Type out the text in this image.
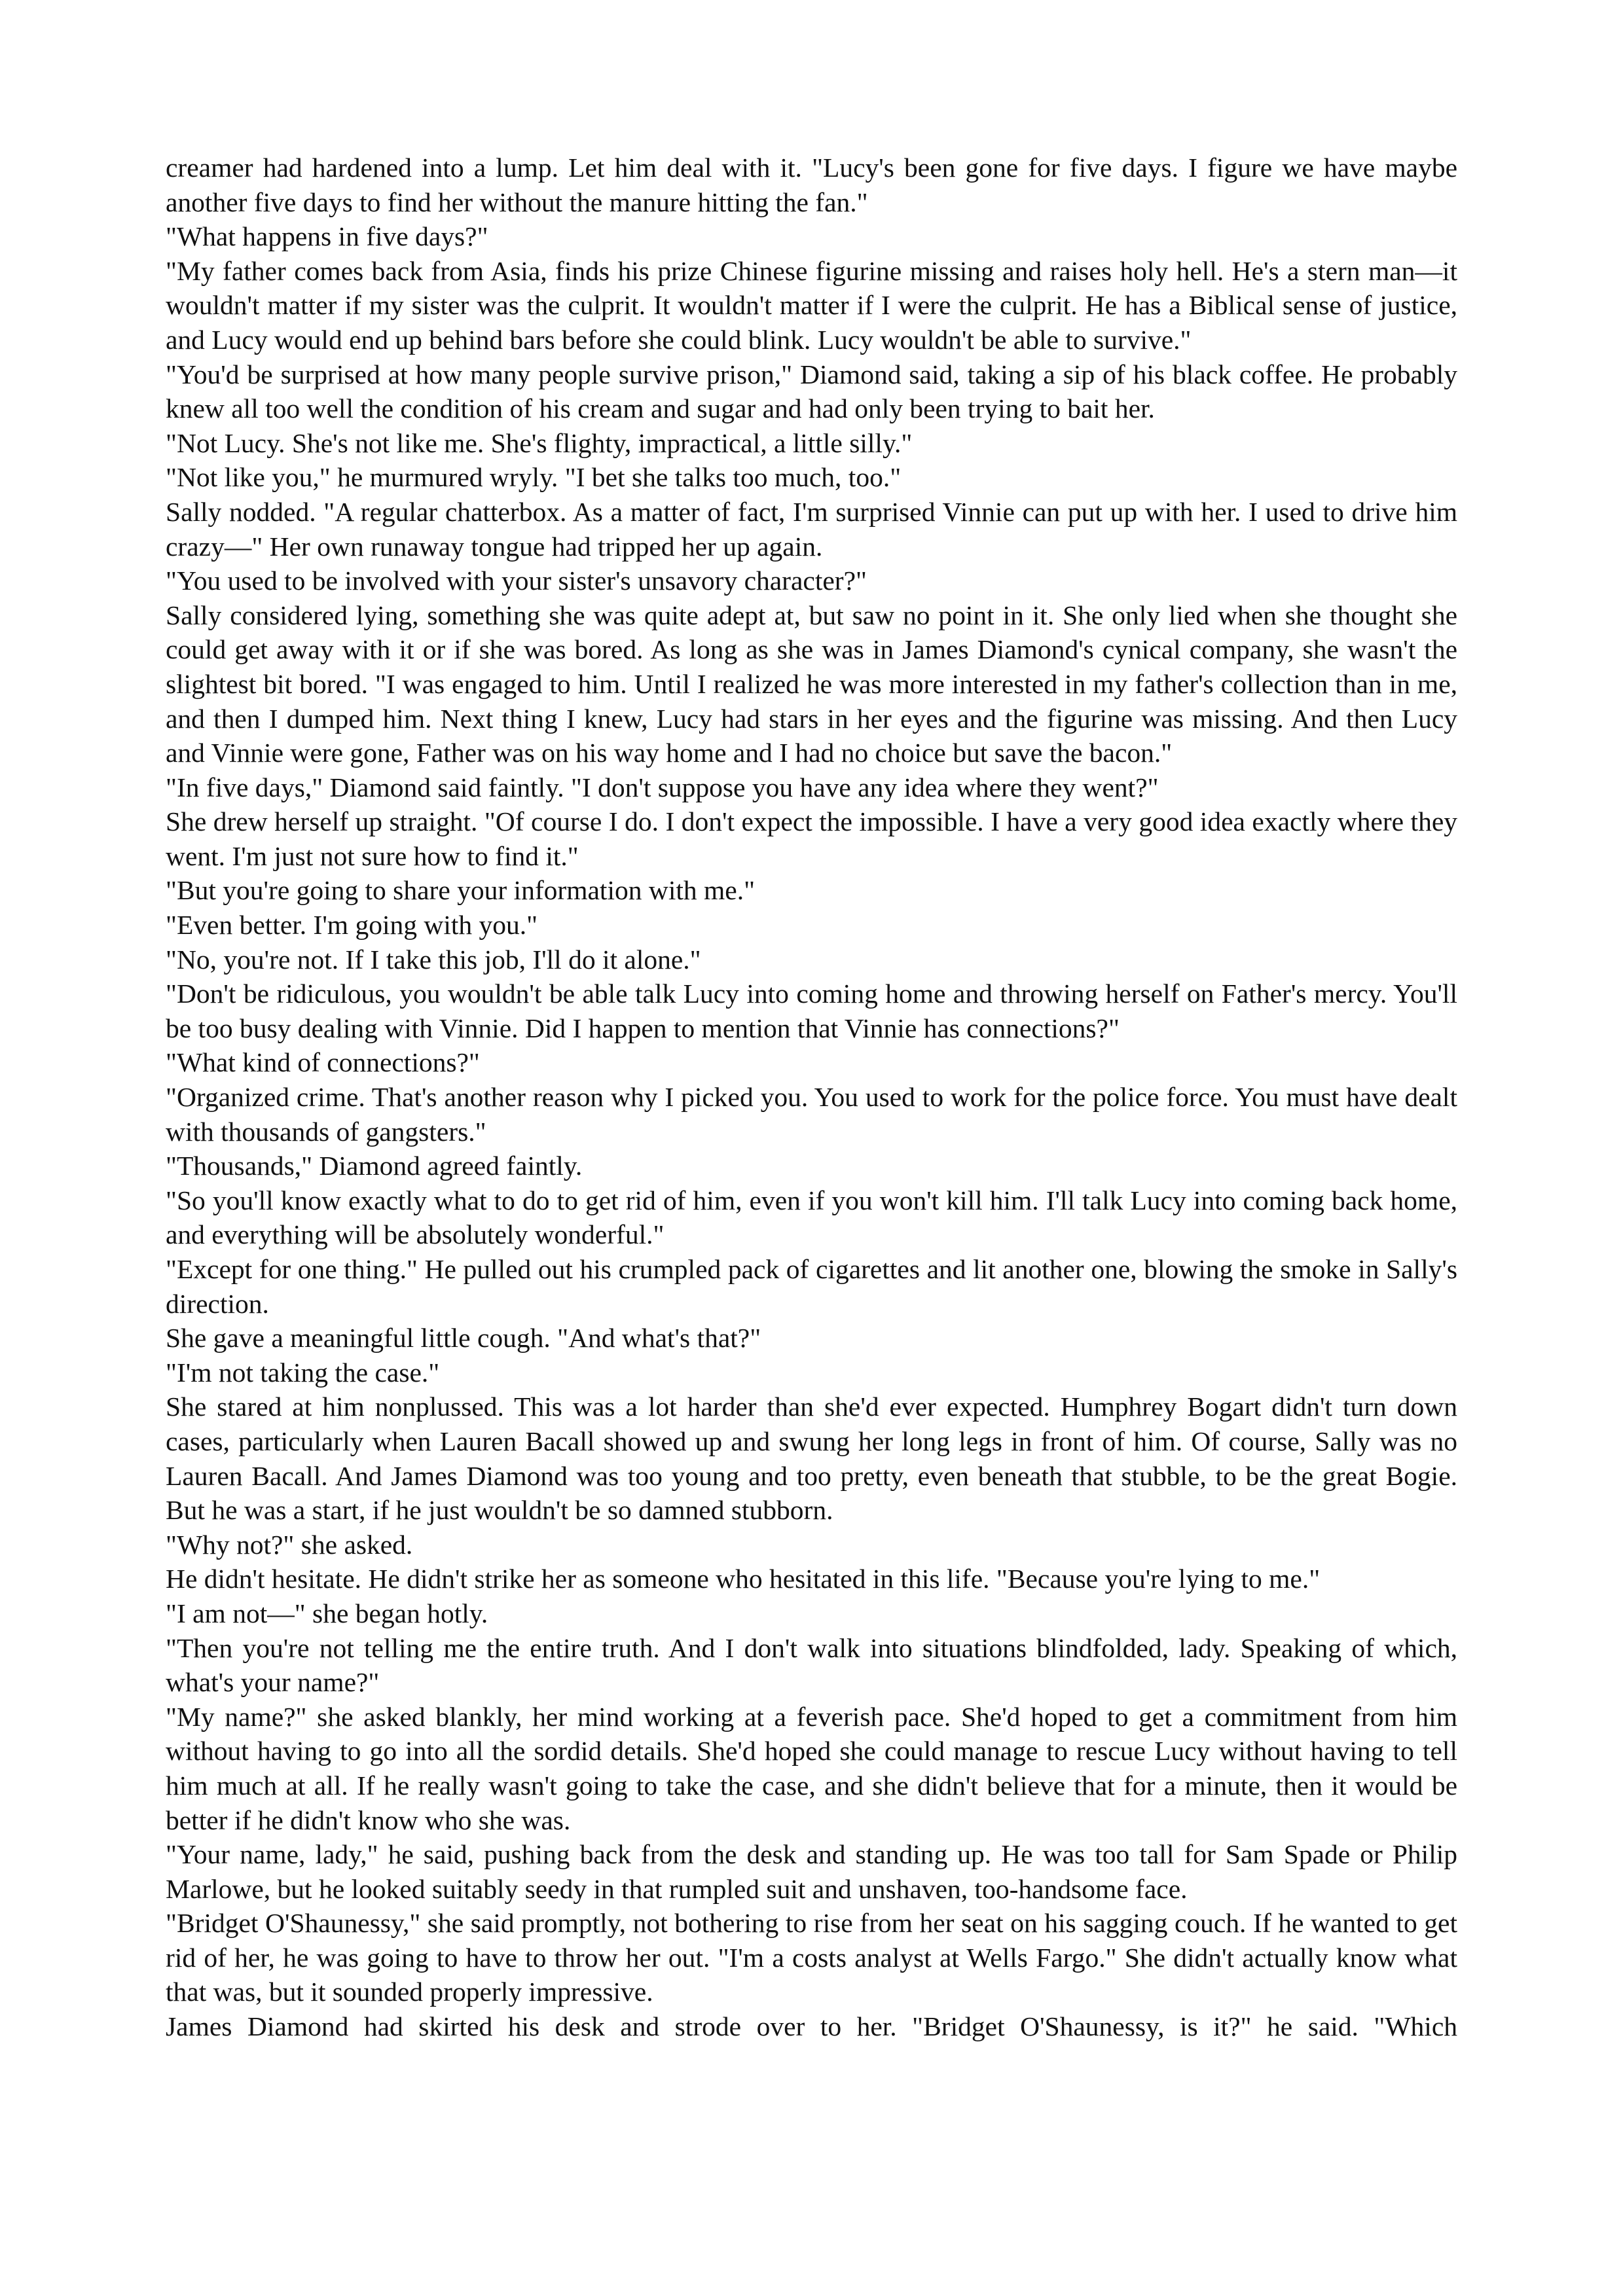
creamer had hardened into a lump. Let him deal with it. "Lucy's been gone for five days. I figure we have maybe another five days to find her without the manure hitting the fan."

"What happens in five days?"

"My father comes back from Asia, finds his prize Chinese figurine missing and raises holy hell. He's a stern man—it wouldn't matter if my sister was the culprit. It wouldn't matter if I were the culprit. He has a Biblical sense of justice, and Lucy would end up behind bars before she could blink. Lucy wouldn't be able to survive."

"You'd be surprised at how many people survive prison," Diamond said, taking a sip of his black coffee. He probably knew all too well the condition of his cream and sugar and had only been trying to bait her.

"Not Lucy. She's not like me. She's flighty, impractical, a little silly."

"Not like you," he murmured wryly. "I bet she talks too much, too."

Sally nodded. "A regular chatterbox. As a matter of fact, I'm surprised Vinnie can put up with her. I used to drive him crazy—" Her own runaway tongue had tripped her up again.

"You used to be involved with your sister's unsavory character?"

Sally considered lying, something she was quite adept at, but saw no point in it. She only lied when she thought she could get away with it or if she was bored. As long as she was in James Diamond's cynical company, she wasn't the slightest bit bored. "I was engaged to him. Until I realized he was more interested in my father's collection than in me, and then I dumped him. Next thing I knew, Lucy had stars in her eyes and the figurine was missing. And then Lucy and Vinnie were gone, Father was on his way home and I had no choice but save the bacon."

"In five days," Diamond said faintly. "I don't suppose you have any idea where they went?"

She drew herself up straight. "Of course I do. I don't expect the impossible. I have a very good idea exactly where they went. I'm just not sure how to find it."

"But you're going to share your information with me."

"Even better. I'm going with you."

"No, you're not. If I take this job, I'll do it alone."

"Don't be ridiculous, you wouldn't be able talk Lucy into coming home and throwing herself on Father's mercy. You'll be too busy dealing with Vinnie. Did I happen to mention that Vinnie has connections?"

"What kind of connections?"

"Organized crime. That's another reason why I picked you. You used to work for the police force. You must have dealt with thousands of gangsters."

"Thousands," Diamond agreed faintly.

"So you'll know exactly what to do to get rid of him, even if you won't kill him. I'll talk Lucy into coming back home, and everything will be absolutely wonderful."

"Except for one thing." He pulled out his crumpled pack of cigarettes and lit another one, blowing the smoke in Sally's direction.

She gave a meaningful little cough. "And what's that?"

"I'm not taking the case."

She stared at him nonplussed. This was a lot harder than she'd ever expected. Humphrey Bogart didn't turn down cases, particularly when Lauren Bacall showed up and swung her long legs in front of him. Of course, Sally was no Lauren Bacall. And James Diamond was too young and too pretty, even beneath that stubble, to be the great Bogie. But he was a start, if he just wouldn't be so damned stubborn.

"Why not?" she asked.

He didn't hesitate. He didn't strike her as someone who hesitated in this life. "Because you're lying to me."

"I am not—" she began hotly.

"Then you're not telling me the entire truth. And I don't walk into situations blindfolded, lady. Speaking of which, what's your name?"

"My name?" she asked blankly, her mind working at a feverish pace. She'd hoped to get a commitment from him without having to go into all the sordid details. She'd hoped she could manage to rescue Lucy without having to tell him much at all. If he really wasn't going to take the case, and she didn't believe that for a minute, then it would be better if he didn't know who she was.

"Your name, lady," he said, pushing back from the desk and standing up. He was too tall for Sam Spade or Philip Marlowe, but he looked suitably seedy in that rumpled suit and unshaven, too-handsome face.

"Bridget O'Shaunessy," she said promptly, not bothering to rise from her seat on his sagging couch. If he wanted to get rid of her, he was going to have to throw her out. "I'm a costs analyst at Wells Fargo." She didn't actually know what that was, but it sounded properly impressive.

James Diamond had skirted his desk and strode over to her. "Bridget O'Shaunessy, is it?" he said. "Which
